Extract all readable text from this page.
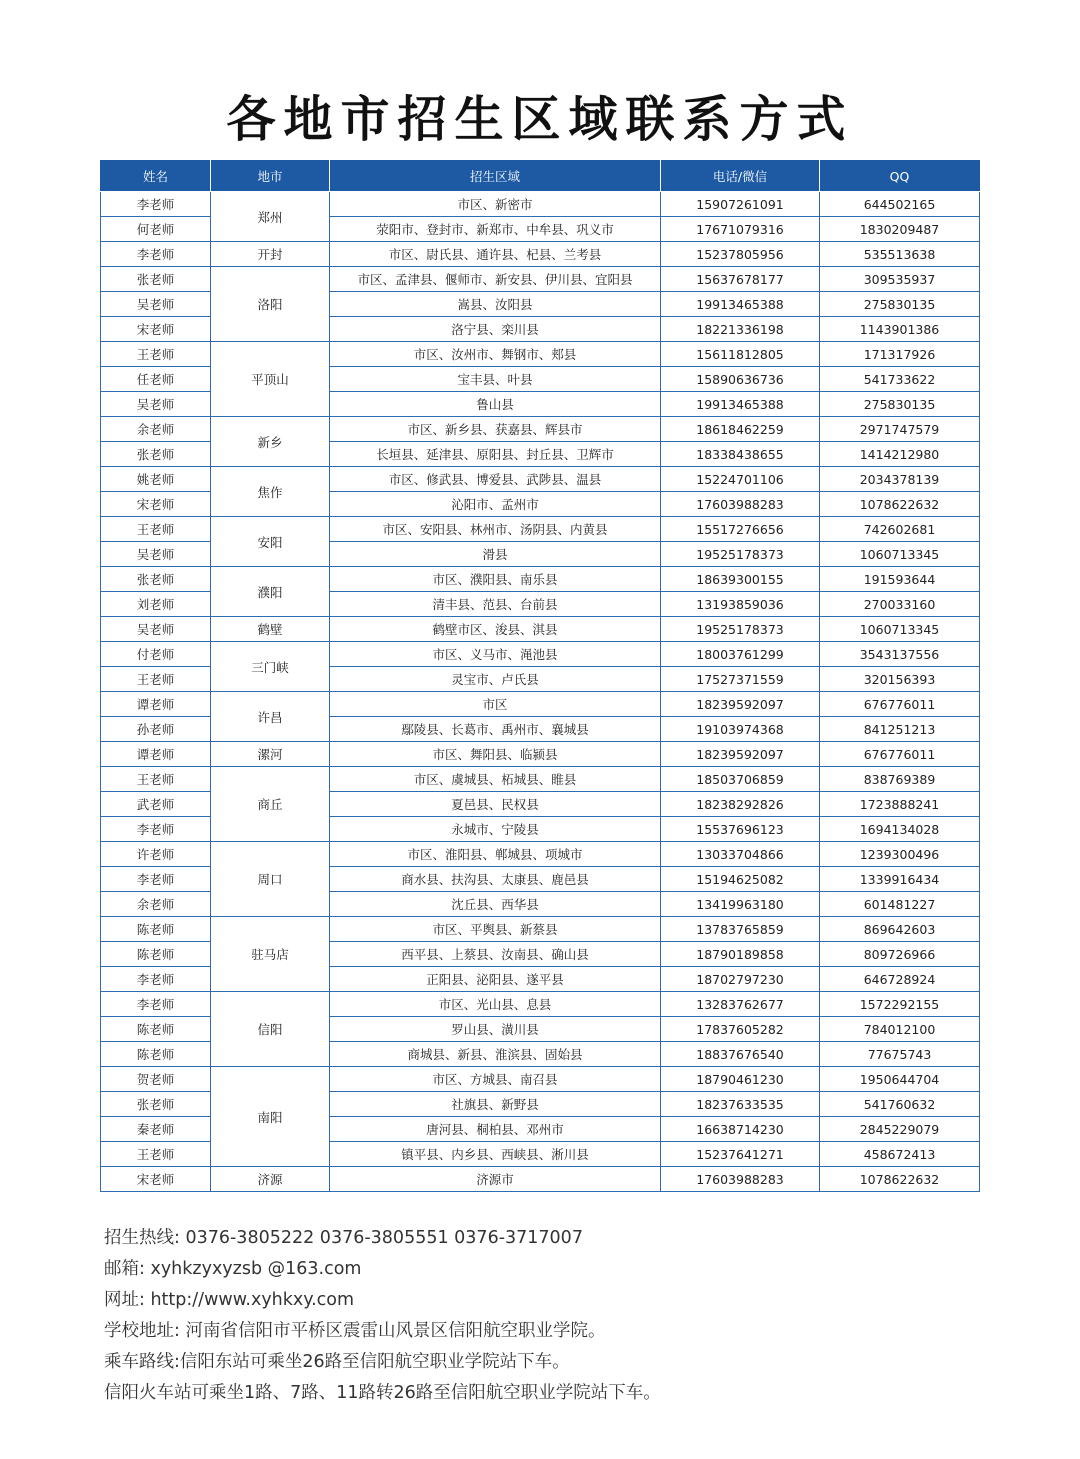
各地市招生区域联系方式
姓名	地市	招生区域	电话/微信	QQ
李老师	郑州	市区、新密市	15907261091	644502165
何老师		荥阳市、登封市、新郑市、中牟县、巩义市	17671079316	1830209487
李老师	开封	市区、尉氏县、通许县、杞县、兰考县	15237805956	535513638
张老师	洛阳	市区、孟津县、偃师市、新安县、伊川县、宜阳县	15637678177	309535937
吴老师		嵩县、汝阳县	19913465388	275830135
宋老师		洛宁县、栾川县	18221336198	1143901386
王老师	平顶山	市区、汝州市、舞钢市、郏县	15611812805	171317926
任老师		宝丰县、叶县	15890636736	541733622
吴老师		鲁山县	19913465388	275830135
余老师	新乡	市区、新乡县、获嘉县、辉县市	18618462259	2971747579
张老师		长垣县、延津县、原阳县、封丘县、卫辉市	18338438655	1414212980
姚老师	焦作	市区、修武县、博爱县、武陟县、温县	15224701106	2034378139
宋老师		沁阳市、孟州市	17603988283	1078622632
王老师	安阳	市区、安阳县、林州市、汤阴县、内黄县	15517276656	742602681
吴老师		滑县	19525178373	1060713345
张老师	濮阳	市区、濮阳县、南乐县	18639300155	191593644
刘老师		清丰县、范县、台前县	13193859036	270033160
吴老师	鹤壁	鹤壁市区、浚县、淇县	19525178373	1060713345
付老师	三门峡	市区、义马市、渑池县	18003761299	3543137556
王老师		灵宝市、卢氏县	17527371559	320156393
谭老师	许昌	市区	18239592097	676776011
孙老师		鄢陵县、长葛市、禹州市、襄城县	19103974368	841251213
谭老师	漯河	市区、舞阳县、临颍县	18239592097	676776011
王老师	商丘	市区、虞城县、柘城县、睢县	18503706859	838769389
武老师		夏邑县、民权县	18238292826	1723888241
李老师		永城市、宁陵县	15537696123	1694134028
许老师	周口	市区、淮阳县、郸城县、项城市	13033704866	1239300496
李老师		商水县、扶沟县、太康县、鹿邑县	15194625082	1339916434
余老师		沈丘县、西华县	13419963180	601481227
陈老师	驻马店	市区、平舆县、新蔡县	13783765859	869642603
陈老师		西平县、上蔡县、汝南县、确山县	18790189858	809726966
李老师		正阳县、泌阳县、遂平县	18702797230	646728924
李老师	信阳	市区、光山县、息县	13283762677	1572292155
陈老师		罗山县、潢川县	17837605282	784012100
陈老师		商城县、新县、淮滨县、固始县	18837676540	77675743
贺老师	南阳	市区、方城县、南召县	18790461230	1950644704
张老师		社旗县、新野县	18237633535	541760632
秦老师		唐河县、桐柏县、邓州市	16638714230	2845229079
王老师		镇平县、内乡县、西峡县、淅川县	15237641271	458672413
宋老师	济源	济源市	17603988283	1078622632
招生热线: 0376-3805222 0376-3805551 0376-3717007
邮箱: xyhkzyxyzsb @163.com
网址: http://www.xyhkxy.com
学校地址: 河南省信阳市平桥区震雷山风景区信阳航空职业学院。
乘车路线:信阳东站可乘坐26路至信阳航空职业学院站下车。
信阳火车站可乘坐1路、7路、11路转26路至信阳航空职业学院站下车。
